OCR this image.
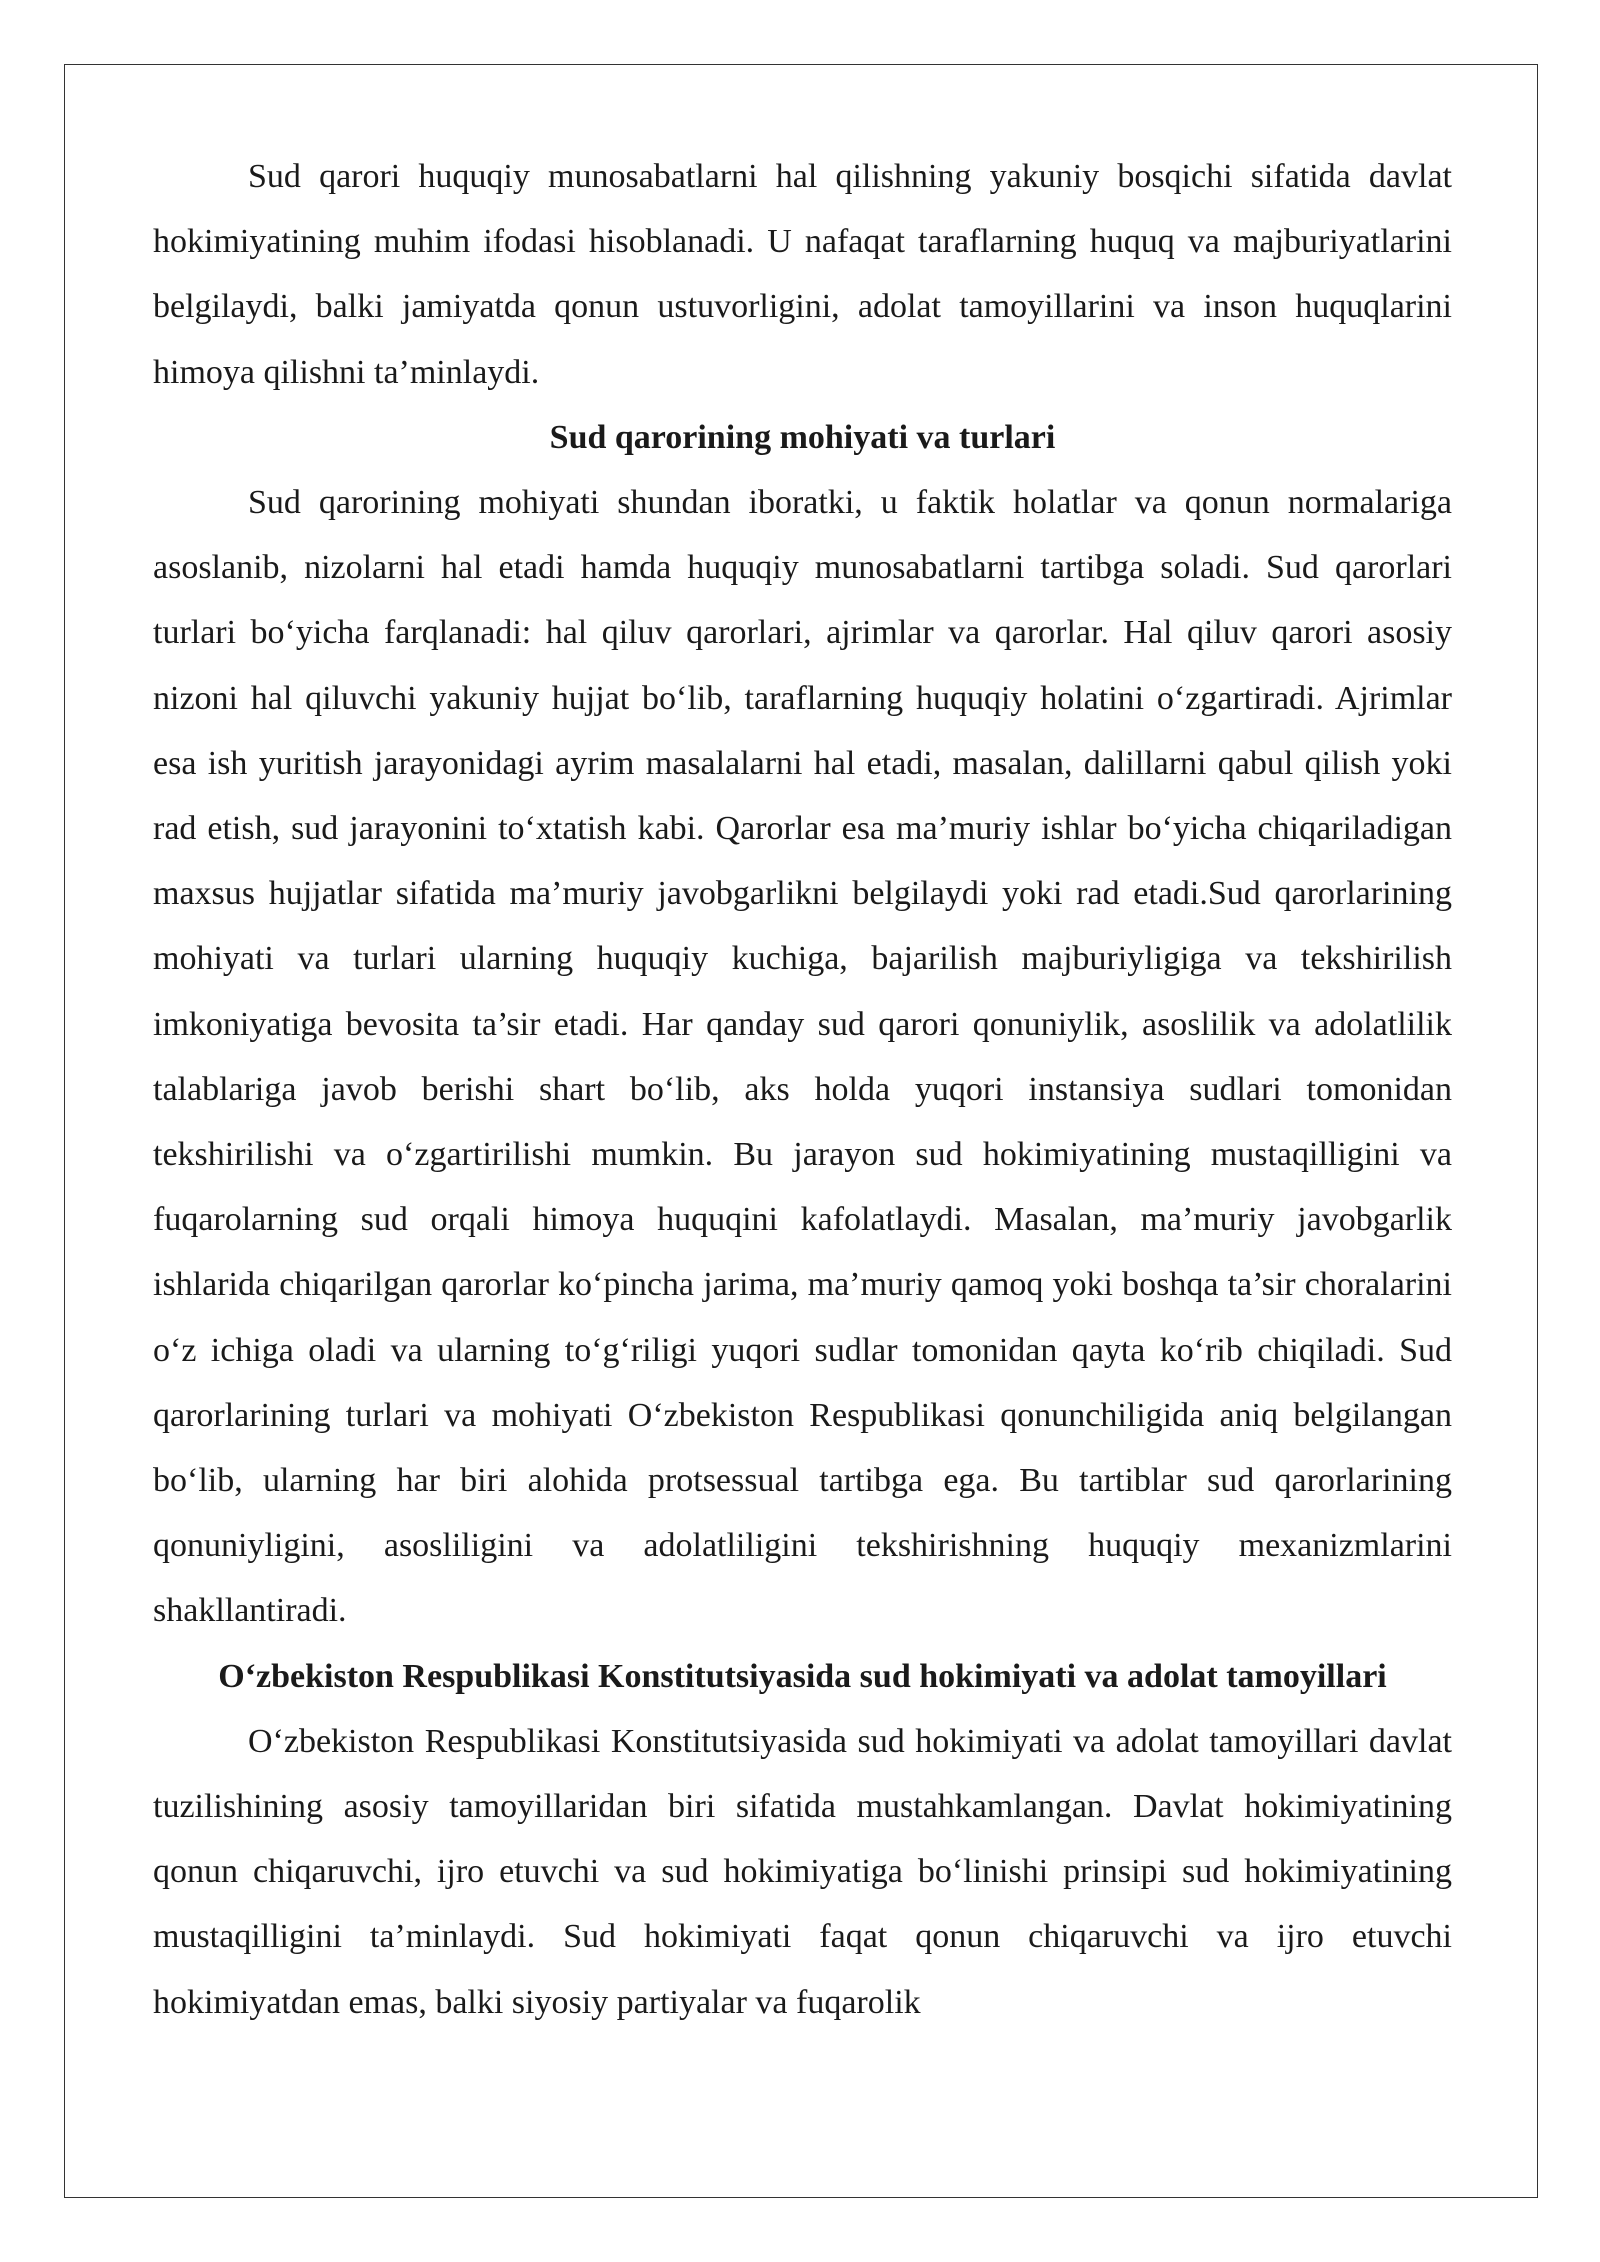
Sud qarori huquqiy munosabatlarni hal qilishning yakuniy bosqichi sifatida davlat hokimiyatining muhim ifodasi hisoblanadi. U nafaqat taraflarning huquq va majburiyatlarini belgilaydi, balki jamiyatda qonun ustuvorligini, adolat tamoyillarini va inson huquqlarini himoya qilishni ta’minlaydi.

Sud qarorining mohiyati va turlari

Sud qarorining mohiyati shundan iboratki, u faktik holatlar va qonun normalariga asoslanib, nizolarni hal etadi hamda huquqiy munosabatlarni tartibga soladi. Sud qarorlari turlari bo‘yicha farqlanadi: hal qiluv qarorlari, ajrimlar va qarorlar. Hal qiluv qarori asosiy nizoni hal qiluvchi yakuniy hujjat bo‘lib, taraflarning huquqiy holatini o‘zgartiradi. Ajrimlar esa ish yuritish jarayonidagi ayrim masalalarni hal etadi, masalan, dalillarni qabul qilish yoki rad etish, sud jarayonini to‘xtatish kabi. Qarorlar esa ma’muriy ishlar bo‘yicha chiqariladigan maxsus hujjatlar sifatida ma’muriy javobgarlikni belgilaydi yoki rad etadi.Sud qarorlarining mohiyati va turlari ularning huquqiy kuchiga, bajarilish majburiyligiga va tekshirilish imkoniyatiga bevosita ta’sir etadi. Har qanday sud qarori qonuniylik, asoslilik va adolatlilik talablariga javob berishi shart bo‘lib, aks holda yuqori instansiya sudlari tomonidan tekshirilishi va o‘zgartirilishi mumkin. Bu jarayon sud hokimiyatining mustaqilligini va fuqarolarning sud orqali himoya huquqini kafolatlaydi. Masalan, ma’muriy javobgarlik ishlarida chiqarilgan qarorlar ko‘pincha jarima, ma’muriy qamoq yoki boshqa ta’sir choralarini o‘z ichiga oladi va ularning to‘g‘riligi yuqori sudlar tomonidan qayta ko‘rib chiqiladi. Sud qarorlarining turlari va mohiyati O‘zbekiston Respublikasi qonunchiligida aniq belgilangan bo‘lib, ularning har biri alohida protsessual tartibga ega. Bu tartiblar sud qarorlarining qonuniyligini, asosliligini va adolatliligini tekshirishning huquqiy mexanizmlarini shakllantiradi.

O‘zbekiston Respublikasi Konstitutsiyasida sud hokimiyati va adolat tamoyillari

O‘zbekiston Respublikasi Konstitutsiyasida sud hokimiyati va adolat tamoyillari davlat tuzilishining asosiy tamoyillaridan biri sifatida mustahkamlangan. Davlat hokimiyatining qonun chiqaruvchi, ijro etuvchi va sud hokimiyatiga bo‘linishi prinsipi sud hokimiyatining mustaqilligini ta’minlaydi. Sud hokimiyati faqat qonun chiqaruvchi va ijro etuvchi hokimiyatdan emas, balki siyosiy partiyalar va fuqarolik
